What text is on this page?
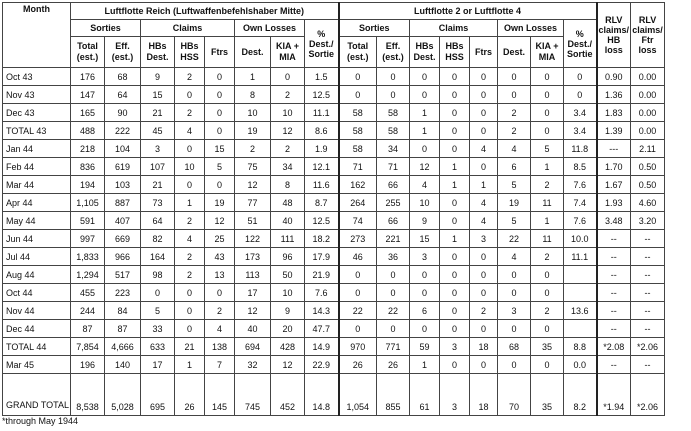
Month	Luftflotte Reich (Luftwaffenbefehlshaber Mitte)								Luftflotte 2 or Luftflotte 4								RLV claims/ HB loss	RLV claims/ Ftr loss
	Sorties		Claims			Own Losses		% Dest./ Sortie	Sorties		Claims			Own Losses		% Dest./ Sortie		
	Total (est.)	Eff. (est.)	HBs Dest.	HBs HSS	Ftrs	Dest.	KIA + MIA		Total (est.)	Eff. (est.)	HBs Dest.	HBs HSS	Ftrs	Dest.	KIA + MIA			
Oct 43	176	68	9	2	0	1	0	1.5	0	0	0	0	0	0	0	0	0.90	0.00
Nov 43	147	64	15	0	0	8	2	12.5	0	0	0	0	0	0	0	0	1.36	0.00
Dec 43	165	90	21	2	0	10	10	11.1	58	58	1	0	0	2	0	3.4	1.83	0.00
TOTAL 43	488	222	45	4	0	19	12	8.6	58	58	1	0	0	2	0	3.4	1.39	0.00
Jan 44	218	104	3	0	15	2	2	1.9	58	34	0	0	4	4	5	11.8	---	2.11
Feb 44	836	619	107	10	5	75	34	12.1	71	71	12	1	0	6	1	8.5	1.70	0.50
Mar 44	194	103	21	0	0	12	8	11.6	162	66	4	1	1	5	2	7.6	1.67	0.50
Apr 44	1,105	887	73	1	19	77	48	8.7	264	255	10	0	4	19	11	7.4	1.93	4.60
May 44	591	407	64	2	12	51	40	12.5	74	66	9	0	4	5	1	7.6	3.48	3.20
Jun 44	997	669	82	4	25	122	111	18.2	273	221	15	1	3	22	11	10.0	--	--
Jul 44	1,833	966	164	2	43	173	96	17.9	46	36	3	0	0	4	2	11.1	--	--
Aug 44	1,294	517	98	2	13	113	50	21.9	0	0	0	0	0	0	0		--	--
Oct 44	455	223	0	0	0	17	10	7.6	0	0	0	0	0	0	0		--	--
Nov 44	244	84	5	0	2	12	9	14.3	22	22	6	0	2	3	2	13.6	--	--
Dec 44	87	87	33	0	4	40	20	47.7	0	0	0	0	0	0	0		--	--
TOTAL 44	7,854	4,666	633	21	138	694	428	14.9	970	771	59	3	18	68	35	8.8	*2.08	*2.06
Mar 45	196	140	17	1	7	32	12	22.9	26	26	1	0	0	0	0	0.0	--	--
GRAND TOTAL	8,538	5,028	695	26	145	745	452	14.8	1,054	855	61	3	18	70	35	8.2	*1.94	*2.06
*through May 1944
